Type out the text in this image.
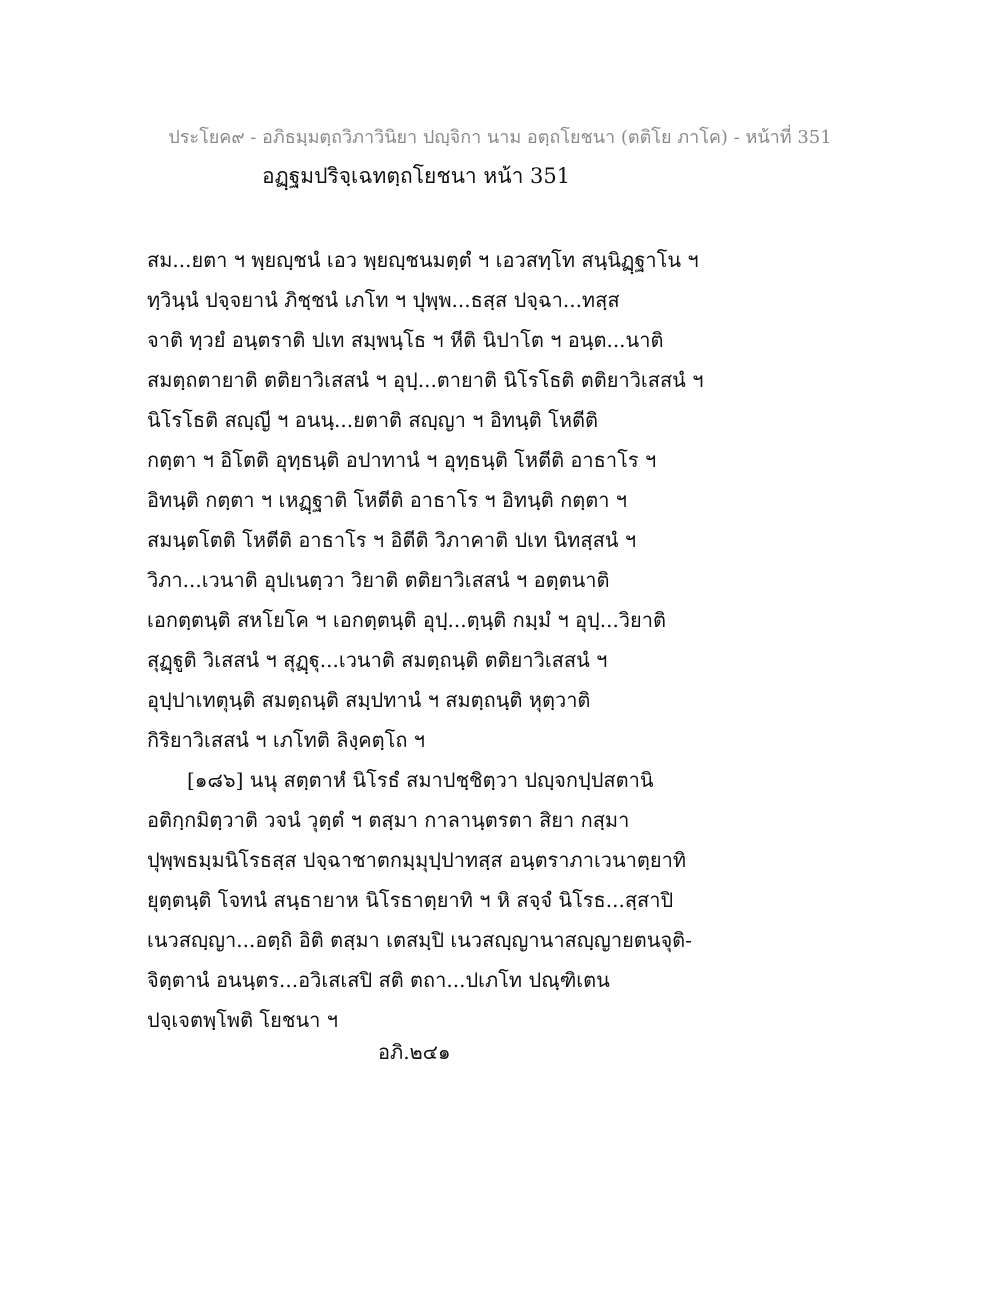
ประโยค๙ - อภิธมฺมตฺถวิภาวินิยา ปญฺจิกา นาม อตฺถโยชนา (ตติโย ภาโค) - หน้าที่ 351
อฏฺฐมปริจฺเฉทตฺถโยชนา หน้า 351
สม...ยตา ฯ พฺยญฺชนํ เอว พฺยญฺชนมตฺตํ ฯ เอวสทฺโท สนฺนิฏฺฐาโน ฯ
ทฺวินฺนํ ปจฺจยานํ ภิชฺชนํ เภโท ฯ ปุพฺพ...ธสฺส ปจฺฉา...ทสฺส
จาติ ทฺวยํ อนฺตราติ ปเท สมฺพนฺโธ ฯ หีติ นิปาโต ฯ อนฺต...นาติ
สมตฺถตายาติ ตติยาวิเสสนํ ฯ อุปฺ...ตายาติ นิโรโธติ ตติยาวิเสสนํ ฯ
นิโรโธติ สญฺญี ฯ อนนฺ...ยตาติ สญฺญา ฯ อิทนฺติ โหตีติ
กตฺตา ฯ อิโตติ อุทฺธนฺติ อปาทานํ ฯ อุทฺธนฺติ โหตีติ อาธาโร ฯ
อิทนฺติ กตฺตา ฯ เหฏฺฐาติ โหตีติ อาธาโร ฯ อิทนฺติ กตฺตา ฯ
สมนฺตโตติ โหตีติ อาธาโร ฯ อิตีติ วิภาคาติ ปเท นิทสฺสนํ ฯ
วิภา...เวนาติ อุปเนตฺวา วิยาติ ตติยาวิเสสนํ ฯ อตฺตนาติ
เอกตฺตนฺติ สหโยโค ฯ เอกตฺตนฺติ อุปฺ...ตฺนฺติ กมฺมํ ฯ อุปฺ...วิยาติ
สุฏฺฐูติ วิเสสนํ ฯ สุฏฺฐุ...เวนาติ สมตฺถนฺติ ตติยาวิเสสนํ ฯ
อุปฺปาเทตุนฺติ สมตฺถนฺติ สมฺปทานํ ฯ สมตฺถนฺติ หุตฺวาติ
กิริยาวิเสสนํ ฯ เภโทติ ลิงฺคตฺโถ ฯ
[๑๘๖] นนุ สตฺตาหํ นิโรธํ สมาปชฺชิตฺวา ปญฺจกปฺปสตานิ
อติกฺกมิตฺวาติ วจนํ วุตฺตํ ฯ ตสฺมา กาลานฺตรตา สิยา กสฺมา
ปุพฺพธมฺมนิโรธสฺส ปจฺฉาชาตกมฺมุปฺปาทสฺส อนฺตราภาเวนาตฺยาทิ
ยุตฺตนฺติ โจทนํ สนฺธายาห นิโรธาตฺยาทิ ฯ หิ สจฺจํ นิโรธ...สฺสาปิ
เนวสญฺญา...อตฺถิ อิติ ตสฺมา เตสมฺปิ เนวสญฺญานาสญฺญายตนจุติ-
จิตฺตานํ อนนฺตร...อวิเสเสปิ สติ ตถา...ปเภโท ปณฺฑิเตน
ปจฺเจตพฺโพติ โยชนา ฯ
อภิ.๒๔๑
